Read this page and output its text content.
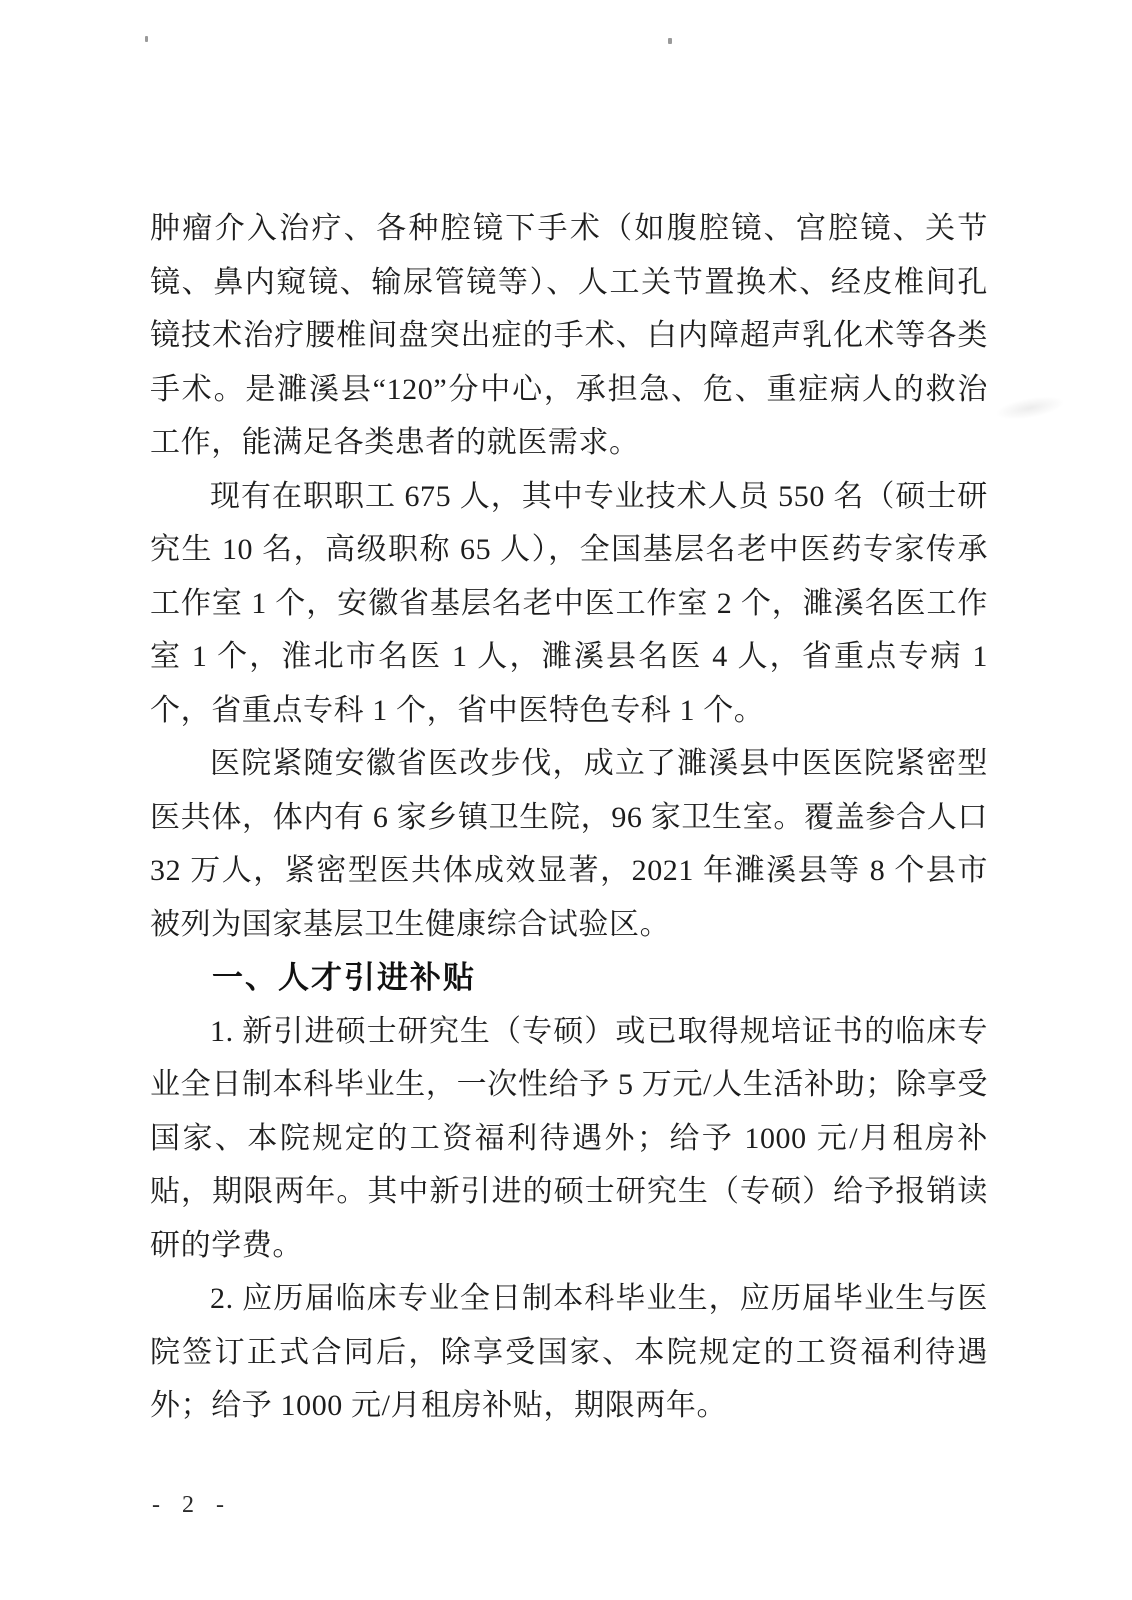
肿瘤介入治疗、各种腔镜下手术（如腹腔镜、宫腔镜、关节镜、鼻内窥镜、输尿管镜等）、人工关节置换术、经皮椎间孔镜技术治疗腰椎间盘突出症的手术、白内障超声乳化术等各类手术。是濉溪县“120”分中心，承担急、危、重症病人的救治工作，能满足各类患者的就医需求。

现有在职职工 675 人，其中专业技术人员 550 名（硕士研究生 10 名，高级职称 65 人），全国基层名老中医药专家传承工作室 1 个，安徽省基层名老中医工作室 2 个，濉溪名医工作室 1 个，淮北市名医 1 人，濉溪县名医 4 人，省重点专病 1 个，省重点专科 1 个，省中医特色专科 1 个。

医院紧随安徽省医改步伐，成立了濉溪县中医医院紧密型医共体，体内有 6 家乡镇卫生院，96 家卫生室。覆盖参合人口 32 万人，紧密型医共体成效显著，2021 年濉溪县等 8 个县市被列为国家基层卫生健康综合试验区。

一、人才引进补贴

1. 新引进硕士研究生（专硕）或已取得规培证书的临床专业全日制本科毕业生，一次性给予 5 万元/人生活补助；除享受国家、本院规定的工资福利待遇外；给予 1000 元/月租房补贴，期限两年。其中新引进的硕士研究生（专硕）给予报销读研的学费。

2. 应历届临床专业全日制本科毕业生，应历届毕业生与医院签订正式合同后，除享受国家、本院规定的工资福利待遇外；给予 1000 元/月租房补贴，期限两年。

- 2 -
